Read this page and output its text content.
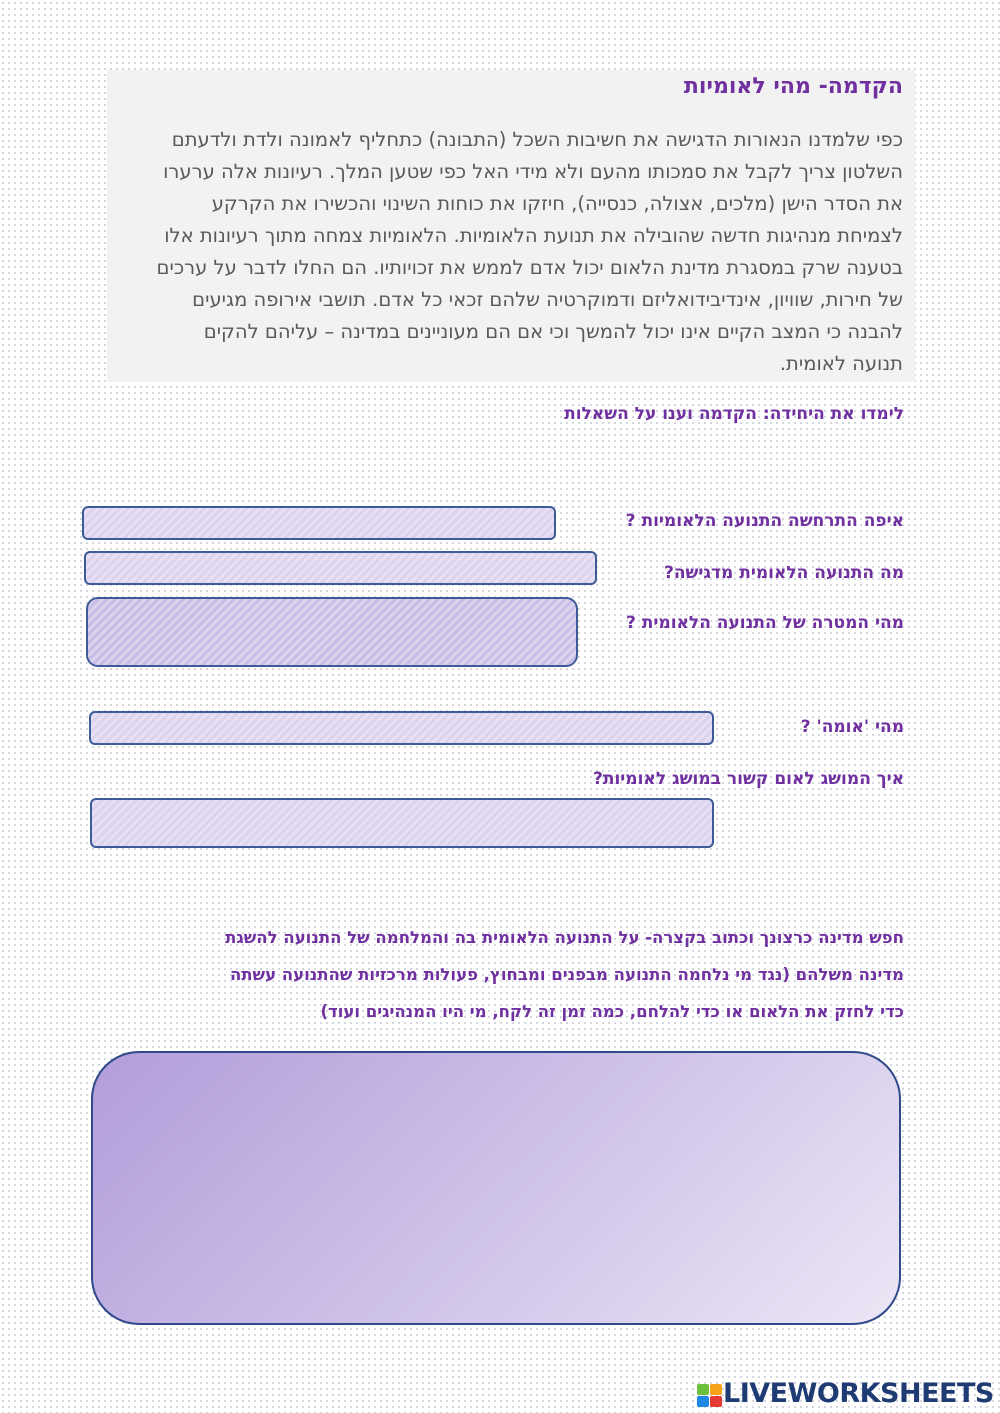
הקדמה- מהי לאומיות
כפי שלמדנו הנאורות הדגישה את חשיבות השכל (התבונה) כתחליף לאמונה ולדת ולדעתם
השלטון צריך לקבל את סמכותו מהעם ולא מידי האל כפי שטען המלך. רעיונות אלה ערערו
את הסדר הישן (מלכים, אצולה, כנסייה), חיזקו את כוחות השינוי והכשירו את הקרקע
לצמיחת מנהיגות חדשה שהובילה את תנועת הלאומיות. הלאומיות צמחה מתוך רעיונות אלו
בטענה שרק במסגרת מדינת הלאום יכול אדם לממש את זכויותיו. הם החלו לדבר על ערכים
של חירות, שוויון, אינדיבידואליזם ודמוקרטיה שלהם זכאי כל אדם. תושבי אירופה מגיעים
להבנה כי המצב הקיים אינו יכול להמשך וכי אם הם מעוניינים במדינה – עליהם להקים
תנועה לאומית.
לימדו את היחידה: הקדמה וענו על השאלות
איפה התרחשה התנועה הלאומיות ?
מה התנועה הלאומית מדגישה?
מהי המטרה של התנועה הלאומית ?
מהי 'אומה' ?
איך המושג לאום קשור במושג לאומיות?
חפש מדינה כרצונך וכתוב בקצרה- על התנועה הלאומית בה והמלחמה של התנועה להשגת
מדינה משלהם (נגד מי נלחמה התנועה מבפנים ומבחוץ, פעולות מרכזיות שהתנועה עשתה
כדי לחזק את הלאום או כדי להלחם, כמה זמן זה לקח, מי היו המנהיגים ועוד)
LIVEWORKSHEETS
